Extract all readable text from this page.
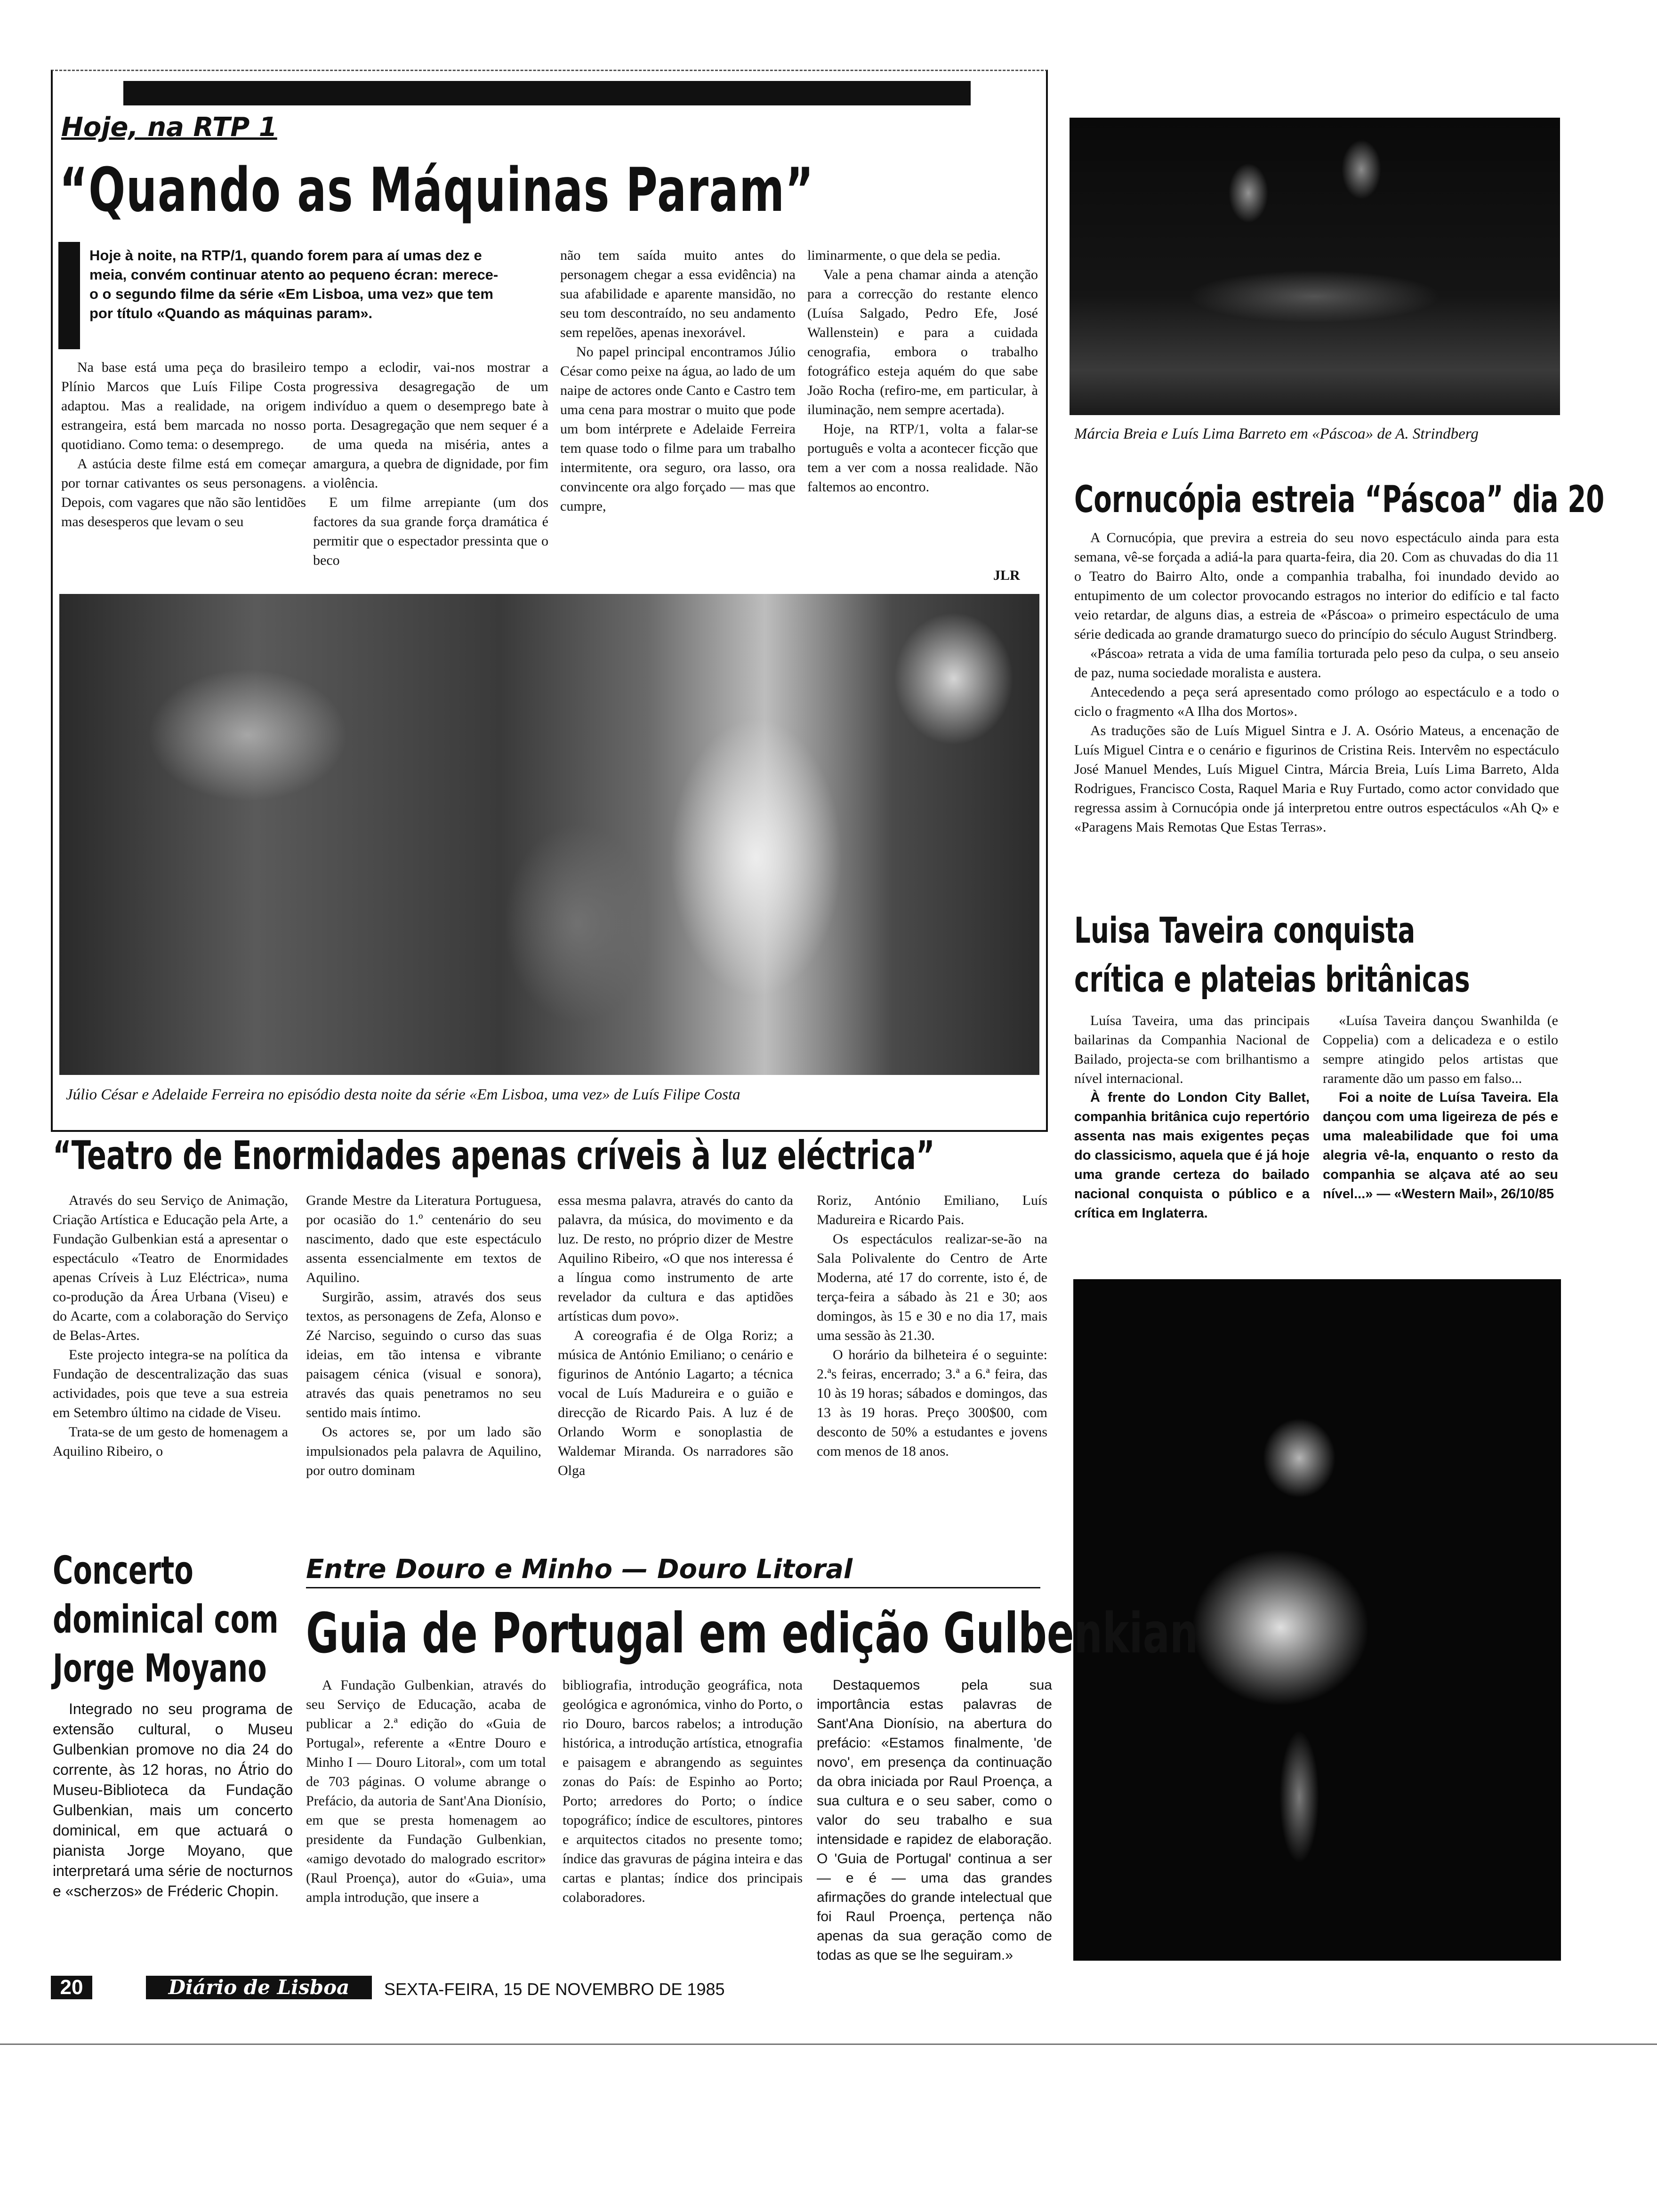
Hoje, na RTP 1
“Quando as Máquinas Param”
I
Hoje à noite, na RTP/1, quando forem para aí umas dez e meia, convém continuar atento ao pequeno écran: merece-o o segundo filme da série «Em Lisboa, uma vez» que tem por título «Quando as máquinas param».

Na base está uma peça do brasileiro Plínio Marcos que Luís Filipe Costa adaptou. Mas a realidade, na origem estrangeira, está bem marcada no nosso quotidiano. Como tema: o desemprego.

A astúcia deste filme está em começar por tornar cativantes os seus personagens. Depois, com vagares que não são lentidões mas desesperos que levam o seu

tempo a eclodir, vai-nos mostrar a progressiva desagregação de um indivíduo a quem o desemprego bate à porta. Desagregação que nem sequer é a de uma queda na miséria, antes a amargura, a quebra de dignidade, por fim a violência.

E um filme arrepiante (um dos factores da sua grande força dramática é permitir que o espectador pressinta que o beco

não tem saída muito antes do personagem chegar a essa evidência) na sua afabilidade e aparente mansidão, no seu tom descontraído, no seu andamento sem repelões, apenas inexorável.

No papel principal encontramos Júlio César como peixe na água, ao lado de um naipe de actores onde Canto e Castro tem uma cena para mostrar o muito que pode um bom intérprete e Adelaide Ferreira tem quase todo o filme para um trabalho intermitente, ora seguro, ora lasso, ora convincente ora algo forçado — mas que cumpre,

liminarmente, o que dela se pedia.

Vale a pena chamar ainda a atenção para a correcção do restante elenco (Luísa Salgado, Pedro Efe, José Wallenstein) e para a cuidada cenografia, embora o trabalho fotográfico esteja aquém do que sabe João Rocha (refiro-me, em particular, à iluminação, nem sempre acertada).

Hoje, na RTP/1, volta a falar-se português e volta a acontecer ficção que tem a ver com a nossa realidade. Não faltemos ao encontro.

JLR
Júlio César e Adelaide Ferreira no episódio desta noite da série «Em Lisboa, uma vez» de Luís Filipe Costa
Márcia Breia e Luís Lima Barreto em «Páscoa» de A. Strindberg
Cornucópia estreia “Páscoa” dia 20

A Cornucópia, que previra a estreia do seu novo espectáculo ainda para esta semana, vê-se forçada a adiá-la para quarta-feira, dia 20. Com as chuvadas do dia 11 o Teatro do Bairro Alto, onde a companhia trabalha, foi inundado devido ao entupimento de um colector provocando estragos no interior do edifício e tal facto veio retardar, de alguns dias, a estreia de «Páscoa» o primeiro espectáculo de uma série dedicada ao grande dramaturgo sueco do princípio do século August Strindberg.

«Páscoa» retrata a vida de uma família torturada pelo peso da culpa, o seu anseio de paz, numa sociedade moralista e austera.

Antecedendo a peça será apresentado como prólogo ao espectáculo e a todo o ciclo o fragmento «A Ilha dos Mortos».

As traduções são de Luís Miguel Sintra e J. A. Osório Mateus, a encenação de Luís Miguel Cintra e o cenário e figurinos de Cristina Reis. Intervêm no espectáculo José Manuel Mendes, Luís Miguel Cintra, Márcia Breia, Luís Lima Barreto, Alda Rodrigues, Francisco Costa, Raquel Maria e Ruy Furtado, como actor convidado que regressa assim à Cornucópia onde já interpretou entre outros espectáculos «Ah Q» e «Paragens Mais Remotas Que Estas Terras».

Luisa Taveira conquista
crítica e plateias britânicas

Luísa Taveira, uma das principais bailarinas da Companhia Nacional de Bailado, projecta-se com brilhantismo a nível internacional.

À frente do London City Ballet, companhia britânica cujo repertório assenta nas mais exigentes peças do classicismo, aquela que é já hoje uma grande certeza do bailado nacional conquista o público e a crítica em Inglaterra.

«Luísa Taveira dançou Swanhilda (e Coppelia) com a delicadeza e o estilo sempre atingido pelos artistas que raramente dão um passo em falso...

Foi a noite de Luísa Taveira. Ela dançou com uma ligeireza de pés e uma maleabilidade que foi uma alegria vê-la, enquanto o resto da companhia se alçava até ao seu nível...» — «Western Mail», 26/10/85

“Teatro de Enormidades apenas críveis à luz eléctrica”

Através do seu Serviço de Animação, Criação Artística e Educação pela Arte, a Fundação Gulbenkian está a apresentar o espectáculo «Teatro de Enormidades apenas Críveis à Luz Eléctrica», numa co-produção da Área Urbana (Viseu) e do Acarte, com a colaboração do Serviço de Belas-Artes.

Este projecto integra-se na política da Fundação de descentralização das suas actividades, pois que teve a sua estreia em Setembro último na cidade de Viseu.

Trata-se de um gesto de homenagem a Aquilino Ribeiro, o

Grande Mestre da Literatura Portuguesa, por ocasião do 1.º centenário do seu nascimento, dado que este espectáculo assenta essencialmente em textos de Aquilino.

Surgirão, assim, através dos seus textos, as personagens de Zefa, Alonso e Zé Narciso, seguindo o curso das suas ideias, em tão intensa e vibrante paisagem cénica (visual e sonora), através das quais penetramos no seu sentido mais íntimo.

Os actores se, por um lado são impulsionados pela palavra de Aquilino, por outro dominam

essa mesma palavra, através do canto da palavra, da música, do movimento e da luz. De resto, no próprio dizer de Mestre Aquilino Ribeiro, «O que nos interessa é a língua como instrumento de arte revelador da cultura e das aptidões artísticas dum povo».

A coreografia é de Olga Roriz; a música de António Emiliano; o cenário e figurinos de António Lagarto; a técnica vocal de Luís Madureira e o guião e direcção de Ricardo Pais. A luz é de Orlando Worm e sonoplastia de Waldemar Miranda. Os narradores são Olga

Roriz, António Emiliano, Luís Madureira e Ricardo Pais.

Os espectáculos realizar-se-ão na Sala Polivalente do Centro de Arte Moderna, até 17 do corrente, isto é, de terça-feira a sábado às 21 e 30; aos domingos, às 15 e 30 e no dia 17, mais uma sessão às 21.30.

O horário da bilheteira é o seguinte: 2.ªs feiras, encerrado; 3.ª a 6.ª feira, das 10 às 19 horas; sábados e domingos, das 13 às 19 horas. Preço 300$00, com desconto de 50% a estudantes e jovens com menos de 18 anos.

Concerto
dominical com
Jorge Moyano

Integrado no seu programa de extensão cultural, o Museu Gulbenkian promove no dia 24 do corrente, às 12 horas, no Átrio do Museu-Biblioteca da Fundação Gulbenkian, mais um concerto dominical, em que actuará o pianista Jorge Moyano, que interpretará uma série de nocturnos e «scherzos» de Fréderic Chopin.

Entre Douro e Minho — Douro Litoral
Guia de Portugal em edição Gulbenkian

A Fundação Gulbenkian, através do seu Serviço de Educação, acaba de publicar a 2.ª edição do «Guia de Portugal», referente a «Entre Douro e Minho I — Douro Litoral», com um total de 703 páginas. O volume abrange o Prefácio, da autoria de Sant'Ana Dionísio, em que se presta homenagem ao presidente da Fundação Gulbenkian, «amigo devotado do malogrado escritor» (Raul Proença), autor do «Guia», uma ampla introdução, que insere a

bibliografia, introdução geográfica, nota geológica e agronómica, vinho do Porto, o rio Douro, barcos rabelos; a introdução histórica, a introdução artística, etnografia e paisagem e abrangendo as seguintes zonas do País: de Espinho ao Porto; Porto; arredores do Porto; o índice topográfico; índice de escultores, pintores e arquitectos citados no presente tomo; índice das gravuras de página inteira e das cartas e plantas; índice dos principais colaboradores.

Destaquemos pela sua importância estas palavras de Sant'Ana Dionísio, na abertura do prefácio: «Estamos finalmente, 'de novo', em presença da continuação da obra iniciada por Raul Proença, a sua cultura e o seu saber, como o valor do seu trabalho e sua intensidade e rapidez de elaboração. O 'Guia de Portugal' continua a ser — e é — uma das grandes afirmações do grande intelectual que foi Raul Proença, pertença não apenas da sua geração como de todas as que se lhe seguiram.»

20	Diário de Lisboa	SEXTA-FEIRA, 15 DE NOVEMBRO DE 1985
